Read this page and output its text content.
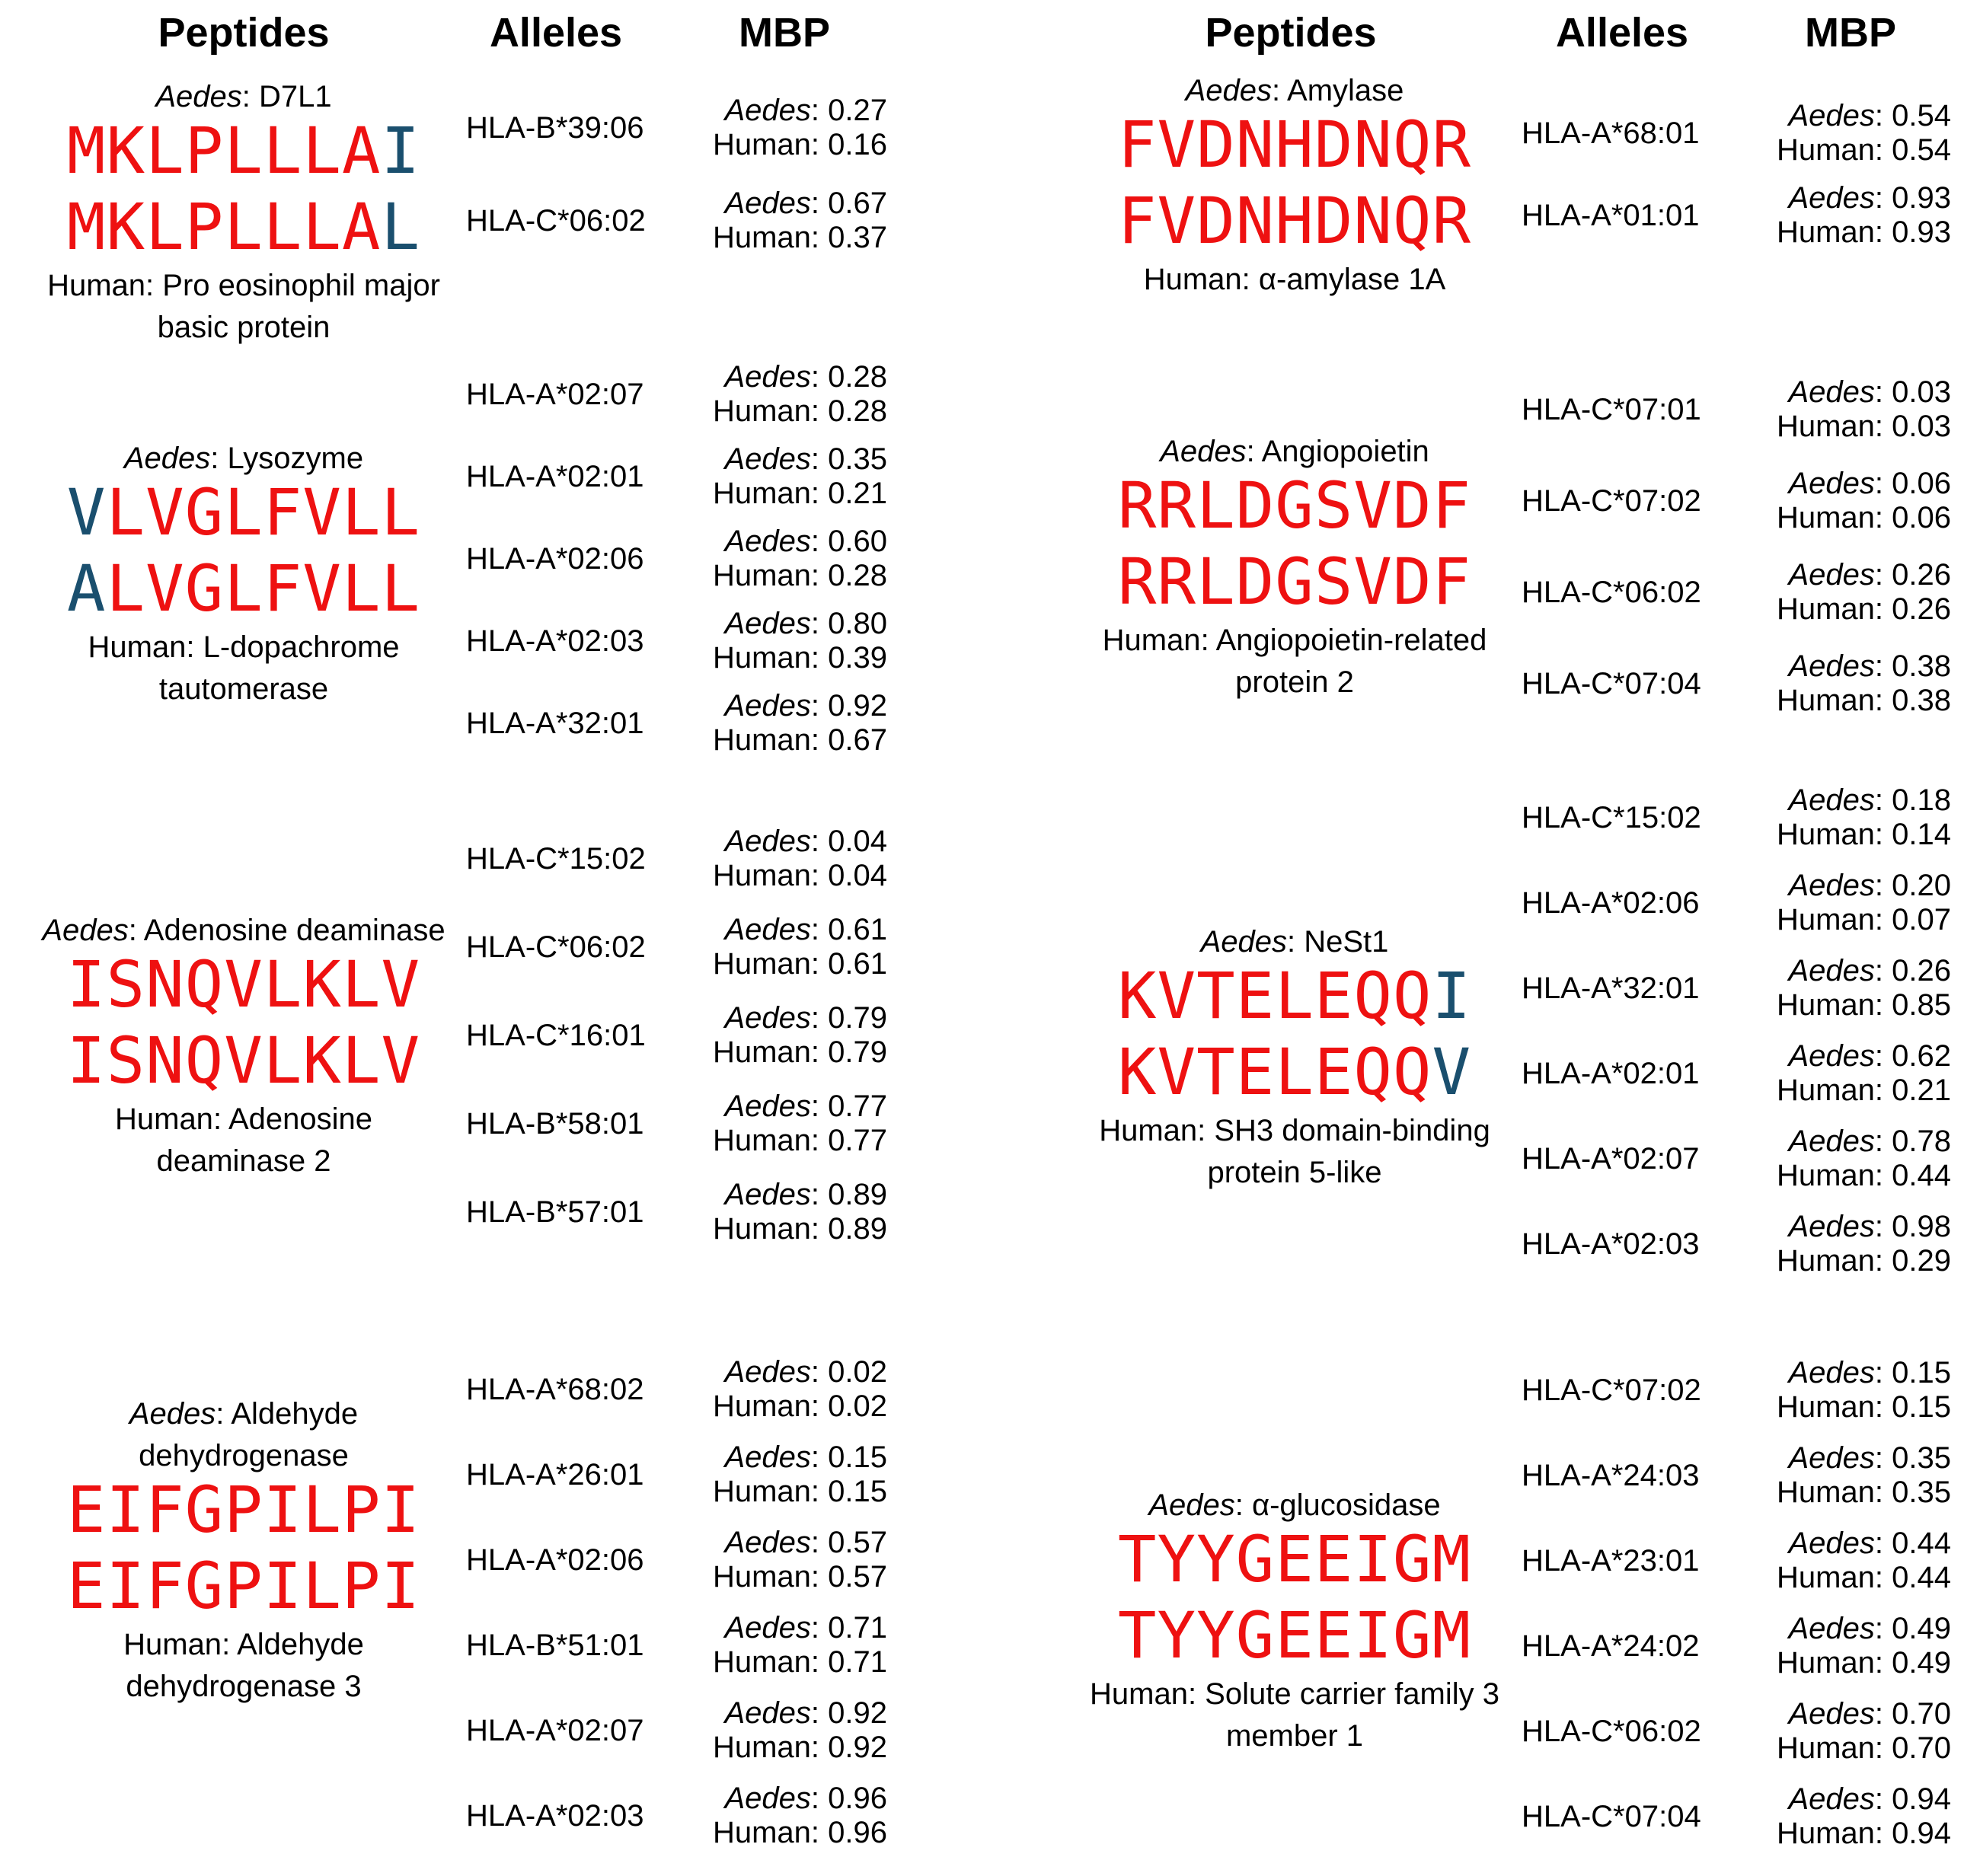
Peptides	Alleles	MBP	Peptides	Alleles	MBP
Aedes: D7L1
MKLPLLLAI
MKLPLLLAL
Human: Pro eosinophil major basic protein
HLA-B*39:06
Aedes: 0.27
Human: 0.16
HLA-C*06:02
Aedes: 0.67
Human: 0.37
Aedes: Lysozyme
VLVGLFVLL
ALVGLFVLL
Human: L-dopachrome tautomerase
HLA-A*02:07
Aedes: 0.28
Human: 0.28
HLA-A*02:01
Aedes: 0.35
Human: 0.21
HLA-A*02:06
Aedes: 0.60
Human: 0.28
HLA-A*02:03
Aedes: 0.80
Human: 0.39
HLA-A*32:01
Aedes: 0.92
Human: 0.67
Aedes: Adenosine deaminase
ISNQVLKLV
ISNQVLKLV
Human: Adenosine deaminase 2
HLA-C*15:02
Aedes: 0.04
Human: 0.04
HLA-C*06:02
Aedes: 0.61
Human: 0.61
HLA-C*16:01
Aedes: 0.79
Human: 0.79
HLA-B*58:01
Aedes: 0.77
Human: 0.77
HLA-B*57:01
Aedes: 0.89
Human: 0.89
Aedes: Aldehyde dehydrogenase
EIFGPILPI
EIFGPILPI
Human: Aldehyde dehydrogenase 3
HLA-A*68:02
Aedes: 0.02
Human: 0.02
HLA-A*26:01
Aedes: 0.15
Human: 0.15
HLA-A*02:06
Aedes: 0.57
Human: 0.57
HLA-B*51:01
Aedes: 0.71
Human: 0.71
HLA-A*02:07
Aedes: 0.92
Human: 0.92
HLA-A*02:03
Aedes: 0.96
Human: 0.96
Aedes: Amylase
FVDNHDNQR
FVDNHDNQR
Human: α-amylase 1A
HLA-A*68:01
Aedes: 0.54
Human: 0.54
HLA-A*01:01
Aedes: 0.93
Human: 0.93
Aedes: Angiopoietin
RRLDGSVDF
RRLDGSVDF
Human: Angiopoietin-related protein 2
HLA-C*07:01
Aedes: 0.03
Human: 0.03
HLA-C*07:02
Aedes: 0.06
Human: 0.06
HLA-C*06:02
Aedes: 0.26
Human: 0.26
HLA-C*07:04
Aedes: 0.38
Human: 0.38
Aedes: NeSt1
KVTELEQQI
KVTELEQQV
Human: SH3 domain-binding protein 5-like
HLA-C*15:02
Aedes: 0.18
Human: 0.14
HLA-A*02:06
Aedes: 0.20
Human: 0.07
HLA-A*32:01
Aedes: 0.26
Human: 0.85
HLA-A*02:01
Aedes: 0.62
Human: 0.21
HLA-A*02:07
Aedes: 0.78
Human: 0.44
HLA-A*02:03
Aedes: 0.98
Human: 0.29
Aedes: α-glucosidase
TYYGEEIGM
TYYGEEIGM
Human: Solute carrier family 3 member 1
HLA-C*07:02
Aedes: 0.15
Human: 0.15
HLA-A*24:03
Aedes: 0.35
Human: 0.35
HLA-A*23:01
Aedes: 0.44
Human: 0.44
HLA-A*24:02
Aedes: 0.49
Human: 0.49
HLA-C*06:02
Aedes: 0.70
Human: 0.70
HLA-C*07:04
Aedes: 0.94
Human: 0.94
